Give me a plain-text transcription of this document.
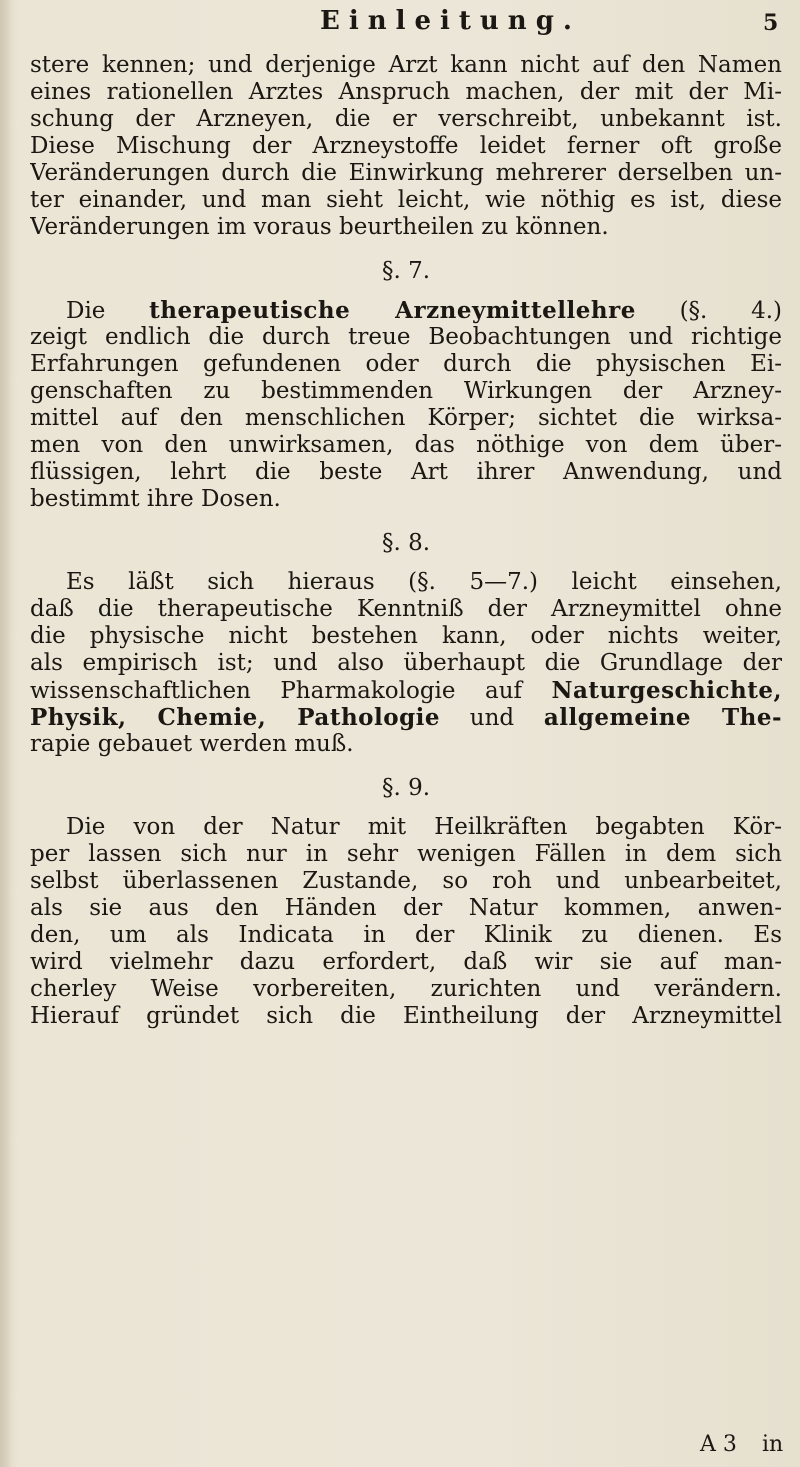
Einleitung.	5
stere kennen; und derjenige Arzt kann nicht auf den Namen
eines rationellen Arztes Anspruch machen, der mit der Mi-
schung der Arzneyen, die er verschreibt, unbekannt ist.
Diese Mischung der Arzneystoffe leidet ferner oft große
Veränderungen durch die Einwirkung mehrerer derselben un-
ter einander, und man sieht leicht, wie nöthig es ist, diese
Veränderungen im voraus beurtheilen zu können.
§. 7.
Die therapeutische Arzneymittellehre (§. 4.)
zeigt endlich die durch treue Beobachtungen und richtige
Erfahrungen gefundenen oder durch die physischen Ei-
genschaften zu bestimmenden Wirkungen der Arzney-
mittel auf den menschlichen Körper; sichtet die wirksa-
men von den unwirksamen, das nöthige von dem über-
flüssigen, lehrt die beste Art ihrer Anwendung, und
bestimmt ihre Dosen.
§. 8.
Es läßt sich hieraus (§. 5—7.) leicht einsehen,
daß die therapeutische Kenntniß der Arzneymittel ohne
die physische nicht bestehen kann, oder nichts weiter,
als empirisch ist; und also überhaupt die Grundlage der
wissenschaftlichen Pharmakologie auf Naturgeschichte,
Physik, Chemie, Pathologie und allgemeine The-
rapie gebauet werden muß.
§. 9.
Die von der Natur mit Heilkräften begabten Kör-
per lassen sich nur in sehr wenigen Fällen in dem sich
selbst überlassenen Zustande, so roh und unbearbeitet,
als sie aus den Händen der Natur kommen, anwen-
den, um als Indicata in der Klinik zu dienen. Es
wird vielmehr dazu erfordert, daß wir sie auf man-
cherley Weise vorbereiten, zurichten und verändern.
Hierauf gründet sich die Eintheilung der Arzneymittel
A 3 in
